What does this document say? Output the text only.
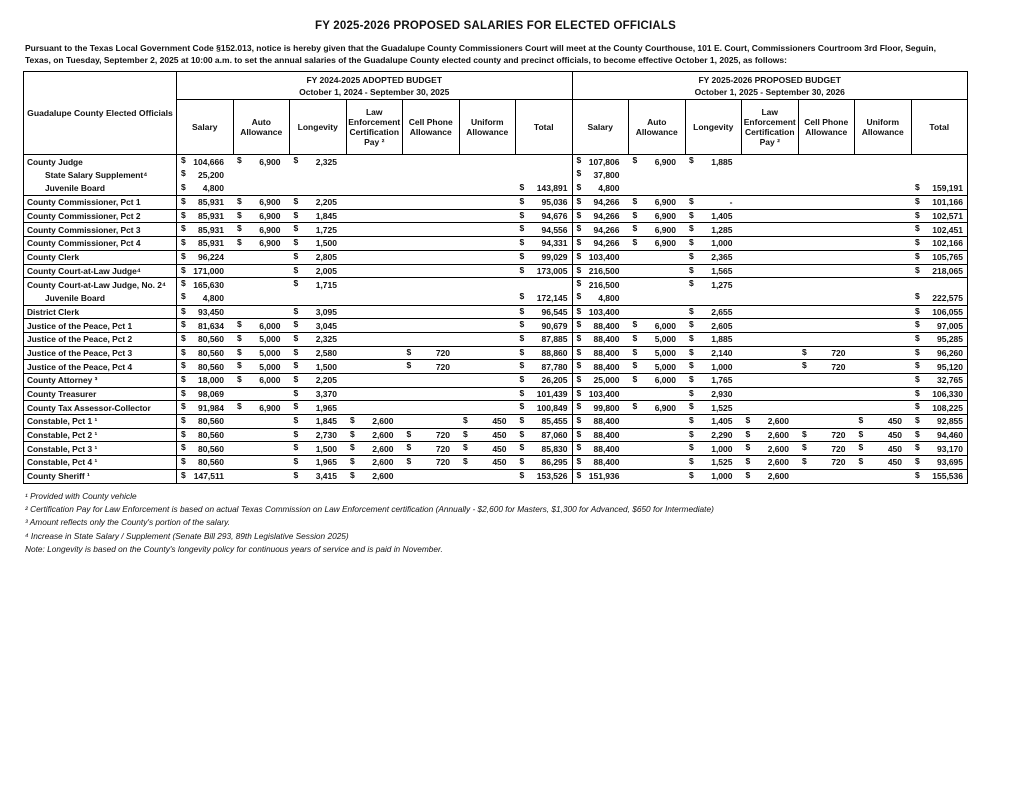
FY 2025-2026 PROPOSED SALARIES FOR ELECTED OFFICIALS
Pursuant to the Texas Local Government Code §152.013, notice is hereby given that the Guadalupe County Commissioners Court will meet at the County Courthouse, 101 E. Court, Commissioners Courtroom 3rd Floor, Seguin, Texas, on Tuesday, September 2, 2025 at 10:00 a.m. to set the annual salaries of the Guadalupe County elected county and precinct officials, to become effective October 1, 2025, as follows:
Guadalupe County Elected Officials	
FY 2024-2025 ADOPTED BUDGET
October 1, 2024 - September 30, 2025

FY 2025-2026 PROPOSED BUDGET
October 1, 2025 - September 30, 2026

	Salary	Auto Allowance	Longevity	Law Enforcement Certification Pay ²	Cell Phone Allowance	Uniform Allowance	Total	Salary	Auto Allowance	Longevity	Law Enforcement Certification Pay ²	Cell Phone Allowance	Uniform Allowance	Total
County Judge	$ 104,666	$ 6,900	$ 2,325					$ 107,806	$ 6,900	$ 1,885				
State Salary Supplement⁴	$ 25,200							$ 37,800						
Juvenile Board	$ 4,800						$ 143,891	$ 4,800						$ 159,191
County Commissioner, Pct 1	$ 85,931	$ 6,900	$ 2,205				$ 95,036	$ 94,266	$ 6,900	$ -				$ 101,166
County Commissioner, Pct 2	$ 85,931	$ 6,900	$ 1,845				$ 94,676	$ 94,266	$ 6,900	$ 1,405				$ 102,571
County Commissioner, Pct 3	$ 85,931	$ 6,900	$ 1,725				$ 94,556	$ 94,266	$ 6,900	$ 1,285				$ 102,451
County Commissioner, Pct 4	$ 85,931	$ 6,900	$ 1,500				$ 94,331	$ 94,266	$ 6,900	$ 1,000				$ 102,166
County Clerk	$ 96,224		$ 2,805				$ 99,029	$ 103,400		$ 2,365				$ 105,765
County Court-at-Law Judge⁴	$ 171,000		$ 2,005				$ 173,005	$ 216,500		$ 1,565				$ 218,065
County Court-at-Law Judge, No. 2⁴	$ 165,630		$ 1,715					$ 216,500		$ 1,275				
Juvenile Board	$ 4,800						$ 172,145	$ 4,800						$ 222,575
District Clerk	$ 93,450		$ 3,095				$ 96,545	$ 103,400		$ 2,655				$ 106,055
Justice of the Peace, Pct 1	$ 81,634	$ 6,000	$ 3,045				$ 90,679	$ 88,400	$ 6,000	$ 2,605				$ 97,005
Justice of the Peace, Pct 2	$ 80,560	$ 5,000	$ 2,325				$ 87,885	$ 88,400	$ 5,000	$ 1,885				$ 95,285
Justice of the Peace, Pct 3	$ 80,560	$ 5,000	$ 2,580		$ 720		$ 88,860	$ 88,400	$ 5,000	$ 2,140		$ 720		$ 96,260
Justice of the Peace, Pct 4	$ 80,560	$ 5,000	$ 1,500		$ 720		$ 87,780	$ 88,400	$ 5,000	$ 1,000		$ 720		$ 95,120
County Attorney ³	$ 18,000	$ 6,000	$ 2,205				$ 26,205	$ 25,000	$ 6,000	$ 1,765				$ 32,765
County Treasurer	$ 98,069		$ 3,370				$ 101,439	$ 103,400		$ 2,930				$ 106,330
County Tax Assessor-Collector	$ 91,984	$ 6,900	$ 1,965				$ 100,849	$ 99,800	$ 6,900	$ 1,525				$ 108,225
Constable, Pct 1 ¹	$ 80,560		$ 1,845	$ 2,600		$ 450	$ 85,455	$ 88,400		$ 1,405	$ 2,600		$ 450	$ 92,855
Constable, Pct 2 ¹	$ 80,560		$ 2,730	$ 2,600	$ 720	$ 450	$ 87,060	$ 88,400		$ 2,290	$ 2,600	$ 720	$ 450	$ 94,460
Constable, Pct 3 ¹	$ 80,560		$ 1,500	$ 2,600	$ 720	$ 450	$ 85,830	$ 88,400		$ 1,000	$ 2,600	$ 720	$ 450	$ 93,170
Constable, Pct 4 ¹	$ 80,560		$ 1,965	$ 2,600	$ 720	$ 450	$ 86,295	$ 88,400		$ 1,525	$ 2,600	$ 720	$ 450	$ 93,695
County Sheriff ¹	$ 147,511		$ 3,415	$ 2,600			$ 153,526	$ 151,936		$ 1,000	$ 2,600			$ 155,536
¹ Provided with County vehicle
² Certification Pay for Law Enforcement is based on actual Texas Commission on Law Enforcement certification (Annually - $2,600 for Masters, $1,300 for Advanced, $650 for Intermediate)
³ Amount reflects only the County's portion of the salary.
⁴ Increase in State Salary / Supplement (Senate Bill 293, 89th Legislative Session 2025)
Note: Longevity is based on the County's longevity policy for continuous years of service and is paid in November.
